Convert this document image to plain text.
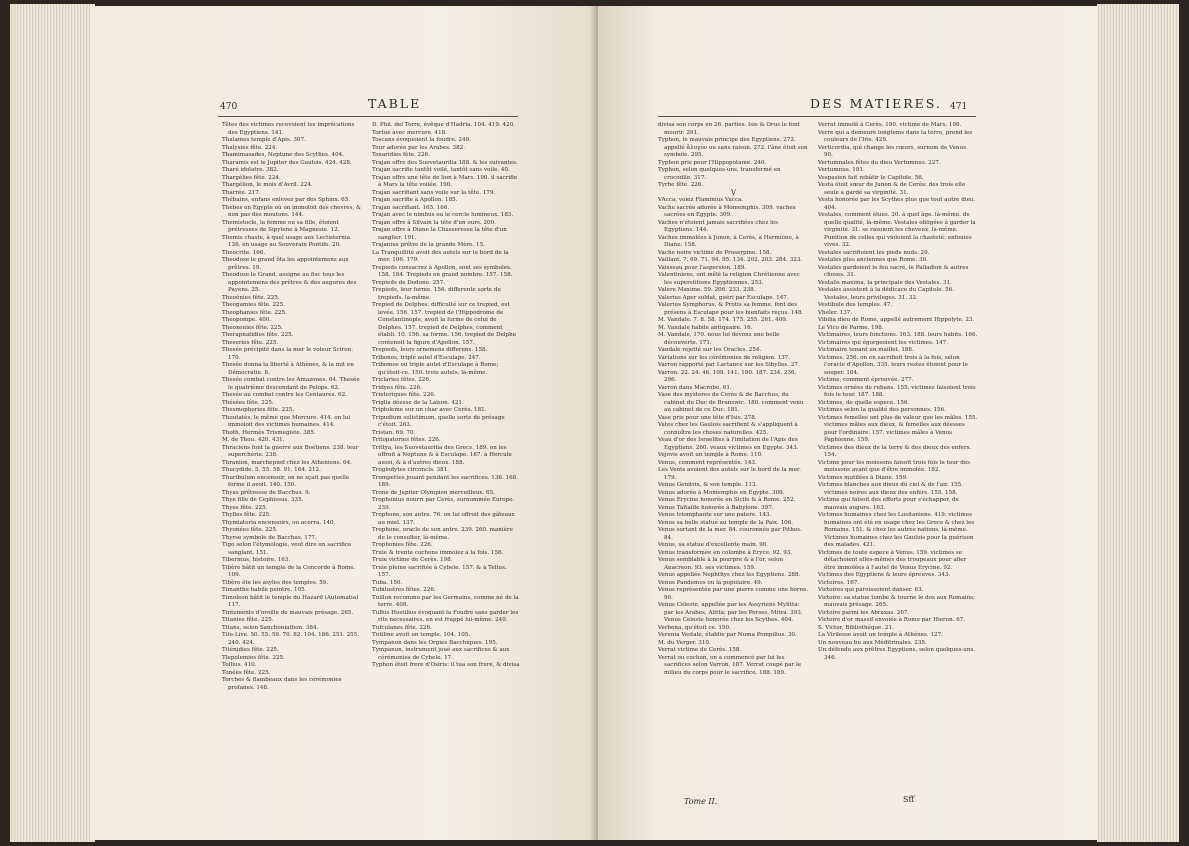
470	TABLE

Têtes des victimes recevoient les imprécations des Egyptiens. 141.

Thalames temple d'Apis. 307.

Thalysies fête. 224.

Thamimasades, Neptune des Scythes. 404.

Tharamis est le Jupiter des Gaulois. 424. 428.

Tharé idolatre. 382.

Thargélies fête. 224.

Thargélion, le mois d'Avril. 224.

Tharrée. 217.

Thébains, enfans enlevez par des Sphinx. 65.

Thèbes en Egypte où on immoloit des chevres, & non pas des moutons. 144.

Themistocle, la femme ou sa fille, étoient prétresses de Sipylene à Magnesie. 12.

Themis chaste, à quel usage aux Lectisternia. 136. en usage au Souverain Pontife. 20.

Theocrite. 166.

Theodose le grand ôta les appointemens aux prêtres. 19.

Theodose le Grand, assigne au fisc tous les appointemens des prêtres & des augures des Payens. 25.

Theoénies fête. 225.

Theogamies fête. 225.

Theophanies fête. 225.

Theopompe. 400.

Theoxenies fête. 225.

Therapnatidies fête. 225.

Theseries fête. 225.

Thesée précipité dans la mer le voleur Sciron. 170.

Thesée donna la liberté à Athènes, & la mit en Démocratie. 8.

Thesée combat contre les Amazones. 64. Thesée le quatrième descendant de Pelops. 62.

Thesée au combat contre les Centaures. 62.

Thésées fête. 225.

Thesmophories fête. 225.

Thoutatès, le même que Mercure. 414. on lui immoloit des victimes humaines. 414.

Thoth, Hermès Trismegiste. 385.

M. de Thou. 420. 431.

Thraciens font la guerre aux Boétiens. 238. leur superchérie. 238.

Thranion, marchepied chez les Atheniens. 64.

Thucydide. 5. 55. 58. 91. 164. 212.

Thuribulum encensoir, on ne sçait pas quelle forme il avoit. 140. 150.

Thyas prêtresse de Bacchus. 9.

Thye fille de Cephissus. 335.

Thyes fête. 225.

Thylles fête. 225.

Thymiateria encensoirs, ou acerra. 140.

Thyonées fête. 225.

Thyrse symbole de Bacchus. 177.

Tigo selon l'étymologie, veut dire un sacrifice sanglant. 151.

Tiberinus, histoire. 163.

Tibère bâtit un temple de la Concorde à Rome. 109.

Tibère ôte les asyles des temples. 59.

Timanthe habile peintre. 105.

Timoleon bâtit le temple du Hazard (Automatia) 117.

Tintements d'oreille de mauvais présage. 265.

Titanies fête. 225.

Titans, selon Sanchoniathon. 384.

Tite-Live. 50. 55. 59. 70. 82. 104. 186. 251. 255. 240. 424.

Titénidies fête. 225.

Tlepolemies fête. 225.

Tollius. 410.

Tonéès fête. 225.

Torches & flambeaux dans les cérémonies profanes. 148.

D. Phil. del Torre, évêque d'Hadria. 104. 419. 420.

Tortue avec mercure. 418.

Toscans évoquoient la foudre. 240.

Tour adorée par les Arabes. 382.

Toxaridies fête. 226.

Trajan offre des Suovetaurilia 188. & les suivantes.

Trajan sacrifie tantôt voilé, tantôt sans voile. 40.

Trajan offre une tête de lion à Mars. 190. il sacrifie à Mars la tête voilée. 190.

Trajan sacrifiant sans voile sur la tête. 179.

Trajan sacrifie à Apollon. 185.

Trajan sacrifiant. 165. 166.

Trajan avec le nimbus ou le cercle lumineux. 183.

Trajan offre à Silvain la tête d'un ours. 200.

Trajan offre à Diane la Chasseresse la tête d'un sanglier. 191.

Trajanius prêtre de la grande Mère. 15.

La Tranquillité avoit des autels sur le bord de la mer. 106. 179.

Trepieds consacrez à Apollon, sont ses symboles. 158. 184. Trepieds en grand nombre. 157. 158.

Trepieds de Dodone. 257.

Trepieds, leur forme. 156. differente sorte de trepieds. la-même.

Trepied de Delphes; difficulté sur ce trepied, est levée. 156. 157. trepied de l'Hippodrome de Constantinople, avoit la forme de celui de Delphes. 157. trepied de Delphes, comment établi. 10. 156. sa forme. 156. trepied de Delphe contenoit la figure d'Apollon. 157.

Trepieds, leurs ornemens differens. 158.

Tribonos, triple autel d'Esculape. 247.

Tribomos ou triple autel d'Esculape à Rome; qu'étoit-ce. 150. trois autels, là-même.

Triclaries fêtes. 226.

Tridyes fête. 226.

Trieteriques fête. 226.

Triglia déesse de la Laison. 421.

Triptoleme sur un char avec Cerès. 181.

Tripudium solistimum, quelle sorte de présage c'étoit. 263.

Tristan. 69. 70.

Tritopatories fêtes. 226.

Trittya, les Suovetaurilia des Grecs. 189. on les offroit à Neptune & à Esculape. 187. à Hercule aussi, & à d'autres dieux. 188.

Troglodytes circoncis. 381.

Trompettes jouant pendant les sacrifices. 136. 168. 189.

Trone de Jupiter Olympien merveilleux. 65.

Trophonius nourri par Cerès, surnommée Europe. 239.

Trophone, son antre. 76. on lui offroit des gâteaux au miel. 137.

Trophone, oracle de son antre. 239. 260. manière de le consulter, là-même.

Trophonies fête. 226.

Truie & trente cochons immolez à la fois. 156.

Truie victime de Cerès. 198.

Truie pleine sacrifiée à Cybele. 157. & à Tellus. 157.

Tuba. 150.

Tubilustres fêtes. 226.

Tuillon recommu par les Germains, comme né de la terre. 408.

Tullus Hostilius évoquant la Foudre sans garder les rits necessaires, en est frappé lui-même. 240.

Tufculanes fête. 226.

Tutiline avoit un temple. 104. 105.

Tympanon dans les Orgies Bacchiques. 195.

Tympanon, instrument joué aux sacrifices & aux cérémonies de Cybele. 17.

Typhon étoit frere d'Osiris: il tua son frere, & divisa

DES MATIERES. 471

divisa son corps en 26. parties. Isis & Orus le font mourir. 291.

Typhon, le mauvais principe des Egyptiens. 272. appellé ἄλογον ou sans raison. 272. l'âne étoit son symbole. 295.

Typhon pris pour l'Hippopotame. 240.

Typhon, selon quelques-uns, transformé en crocodile. 317.

Tyrbe fête. 226.

V

VAcca, voiez Flaminius Vacca.

Vache sacrée adorée à Momemphis. 309. vaches sacrées en Egypte. 309.

Vaches n'étoient jamais sacrifiées chez les Egyptiens. 144.

Vaches immolées à Junon, à Cerès, à Hermione, à Diane. 158.

Vache noire victime de Proserpine. 158.

Vaillant. 7. 69. 71. 94. 95. 134. 202. 203. 284. 323.

Vaisseau pour l'aspersion. 189.

Valentiniens, ont mêlé la religion Chrétienne avec les superstitions Egyptiennes. 253.

Valere Maxime. 59. 206. 233. 238.

Valerius Aper soldat, guéri par Esculape. 147.

Valerius Symphorus, & Protis sa femme, font des présens à Esculape pour les bienfaits reçus. 148.

M. Vandale. 7. 8. 58. 174. 175. 255. 261. 409.

M. Vandale habile antiquaire. 16.

M. Vandale, 170. nous lui devons une belle découverte. 171.

Vandale rejetté sur les Oracles. 254.

Variations sur les cérémonies de religion. 137.

Varron rapporté par Lactance sur les Sibylles. 27.

Varron. 22. 24. 46. 109. 141. 180. 187. 234. 236. 296.

Varron dans Macrobe. 61.

Vase des mysteres de Cerès & de Bacchus, du cabinet du Duc de Brunswic. 180. comment venu au cabinet de ce Duc. 181.

Vase pris pour une tête d'Isis. 278.

Vates chez les Gaulois sacrifient & s'appliquent à connoître les choses naturelles. 425.

Veau d'or des Israelites à l'imitation de l'Apis des Egyptiens. 260. veaux victimes en Egypte. 343.

Vejovis avoit un temple à Rome. 110.

Venus, comment représentée. 143.

Les Vents avoient des autels sur le bord de la mer. 179.

Venus Genitrix, & son temple. 113.

Venus adorée à Momemphis en Egypte. 309.

Venus Erycine honorée en Sicile & à Rome. 252.

Venus Taïtaïde honorée à Babylone. 397.

Venus triomphante sur une patere. 143.

Venus sa belle statue au temple de la Paix. 106.

Venus sortant de la mer. 84. couronnée par Pithos. 84.

Venus, sa statue d'excellente main. 90.

Venus transformée en colombe à Eryce. 92. 93.

Venus semblable à la pourpre & à l'or, selon Anacreon. 93. ses victimes. 159.

Venus appellée Nephthys chez les Egyptiens. 288.

Venus Pandemos ou la populaire. 49.

Venus représentée par une pierre comme une borne. 90.

Venus Celeste, appellée par les Assyriens Mylitta: par les Arabes, Alitta; par les Perses, Mitra. 393. Venus Celeste honorée chez les Scythes. 404.

Verbena, qu'étoit ce. 150.

Verenia Vestale, établie par Numa Pompilius. 30.

M. du Verger. 310.

Verrat victime de Cerès. 158.

Verrat ou cochon, on a commencé par lui les sacrifices selon Varron. 187. Verrat coupé par le milieu du corps pour le sacrifice. 188. 189.

Verrat immolé à Cerès. 180. victime de Mars. 198.

Verre qui a demeuré longtems dans la terre, prend les couleurs de l'Iris. 429.

Verticordia, qui change les cœurs, surnom de Venus. 90.

Vertumnales fêtes du dieu Vertumnus. 227.

Vertumnus. 181.

Vespasien fait rebâtir le Capitole. 56.

Vesta étoit sœur de Junon & de Cerès: des trois elle seule a gardé sa virginité. 31.

Vesta honorée par les Scythes plus que tout autre dieu. 404.

Vestales, comment élues. 30. à quel âge. là-même. de quelle qualité, là-même. Vestales obligées à garder la virginité. 31. se rasoient les cheveux. là-même. Punition de celles qui violoient la chasteté: enfouies vives. 32.

Vestales sacrifioient les pieds nuds. 29.

Vestales plus anciennes que Rome. 30.

Vestales gardoient le feu sacré, le Palladion & autres choses. 31.

Vestalis maxima, la principale des Vestales. 31.

Vestales assistent à la dédicace du Capitole. 56. Vestales, leurs privileges. 31. 32.

Vestibule des temples. 47.

Vheler. 137.

Vibilia dieu de Rome, appellé autrement Hippolyte. 23.

Le Vico de Parme. 198.

Victimaires, leurs fonctions. 163. 188. leurs habits. 166.

Victimaires qui égorgeoient les victimes. 147.

Victimaire tenant un maillet. 188.

Victimes. 256. on en sacrifioit trois à la fois, selon l'oracle d'Apollon. 335. leurs restes étoient pour le souper. 184.

Victime, comment éprouvée. 277.

Victimes ornées de rubans. 155. victimes faisoient trois fois le tour. 187. 188.

Victimes, de quelle espece. 156.

Victimes selon la qualité des personnes. 156.

Victimes femelles ont plus de valeur que les mâles. 155. victimes mâles aux dieux, & femelles aux déesses pour l'ordinaire. 157. victimes mâles à Venus Paphienne. 159.

Victimes des dieux de la terre & des dieux des enfers. 154.

Victime pour les moissons faisoit trois fois le tour des moissons avant que d'être immolée. 182.

Victimes mutilées à Diane. 159.

Victimes blanches aux dieux du ciel & de l'air. 155. victimes noires aux dieux des enfers. 155. 158.

Victime qui faisoit des efforts pour s'échapper, de mauvais augure. 163.

Victimes humaines chez les Lusitaniens. 419. victimes humaines ont été en usage chez les Grecs & chez les Romains. 151. & chez les autres nations, là-même. Victimes humaines chez les Gaulois pour la guérison des malades. 421.

Victimes de toute espece à Venus. 159. victimes se détachoient elles-mêmes des troupeaux pour aller être immolées à l'autel de Venus Erycine. 92.

Victimes des Egyptiens & leurs épreuves. 343.

Victoires. 167.

Victoires qui paroissoient danser. 63.

Victoire: sa statue tombe & tourne le dos aux Romains; mauvais présage. 265.

Victoire parmi les Abraxas. 267.

Victoire d'or massif envoiée à Rome par Hieron. 67.

S. Victor, Bibliothéque. 21.

La Virilesse avoit un temple à Athènes. 127.

Un nouveau bu aux Méditrinales. 235.

Un défendu aux prêtres Egyptiens, selon quelques-uns. 346.

Tome II.	Sff
